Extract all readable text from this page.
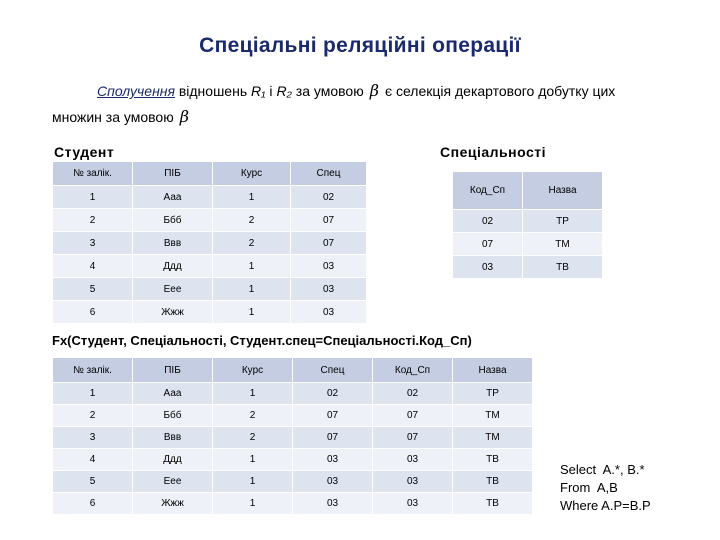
Спеціальні реляційні операції
Сполучення відношень R₁ і R₂ за умовою β є селекція декартового добутку цих
множин за умовою β
Студент	Спеціальності
№ залік.	ПІБ	Курс	Спец
1	Ааа	1	02
2	Ббб	2	07
3	Ввв	2	07
4	Ддд	1	03
5	Еее	1	03
6	Жжж	1	03
Код_Сп	Назва
02	ТР
07	ТМ
03	ТВ
Fx(Студент, Спеціальності, Студент.спец=Спеціальності.Код_Сп)
№ залік.	ПІБ	Курс	Спец	Код_Сп	Назва
1	Ааа	1	02	02	ТР
2	Ббб	2	07	07	ТМ
3	Ввв	2	07	07	ТМ
4	Ддд	1	03	03	ТВ
5	Еее	1	03	03	ТВ
6	Жжж	1	03	03	ТВ
Select  A.*, B.*
From  A,B
Where A.P=B.P
